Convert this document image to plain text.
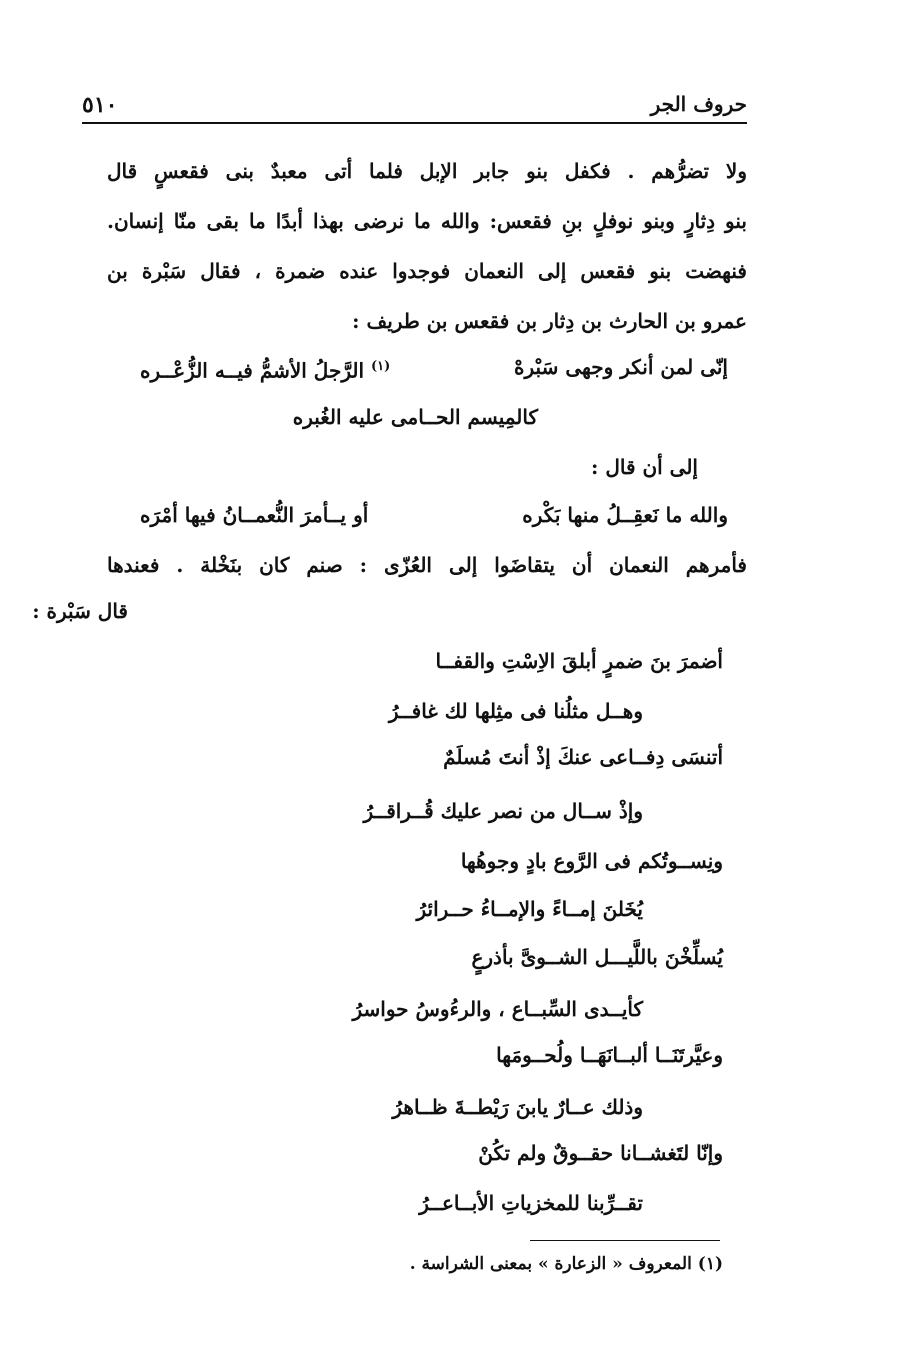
٥١٠	حروف الجر
ولا تضرُّهم . فكفل بنو جابر الإبل فلما أتى معبدٌ بنى فقعسٍ قال
بنو دِثارٍ وبنو نوفلٍ بنِ فقعس: والله ما نرضى بهذا أبدًا ما بقى منّا إنسان.
فنهضت بنو فقعس إلى النعمان فوجدوا عنده ضمرة ، فقال سَبْرة بن
عمرو بن الحارث بن دِثار بن فقعس بن طريف :
إنّى لمن أنكر وجهى سَبْرهْ
$^{(١)}$ الرَّجلُ الأشمُّ فيــه الزُّعْــره
كالمِيسم الحــامى عليه الغُبره
إلى أن قال :
والله ما نَعقِــلُ منها بَكْره
أو يــأمرَ النُّعمــانُ فيها أمْرَه
فأمرهم النعمان أن يتقاضَوا إلى العُزّى : صنم كان بنَخْلة . فعندها
قال سَبْرة :
أضمرَ بنَ ضمرٍ أبلقَ الاِسْتِ والقفــا
وهــل مثلُنا فى مثِلها لك غافــرُ
أتنسَى دِفــاعى عنكَ إذْ أنتَ مُسلَمٌ
وإذْ ســال من نصر عليك قُــراقــرُ
ونِســوتُكم فى الرَّوع بادٍ وجوهُها
يُخَلنَ إمــاءً والإمــاءُ حــرائرُ
يُسلِّخْنَ باللَّيـــل الشــوىَّ بأذرعٍ
كأيــدى السِّبــاع ، والرءُوسُ حواسرُ
وعيَّرتَنَــا ألبــانَهَــا ولُحــومَها
وذلك عــارٌ يابنَ رَيْطــةَ ظــاهرُ
وإنّا لتَغشــانا حقــوقٌ ولم تكُنْ
تقــرِّبنا للمخزياتِ الأبــاعــرُ
(١) المعروف « الزعارة » بمعنى الشراسة .
